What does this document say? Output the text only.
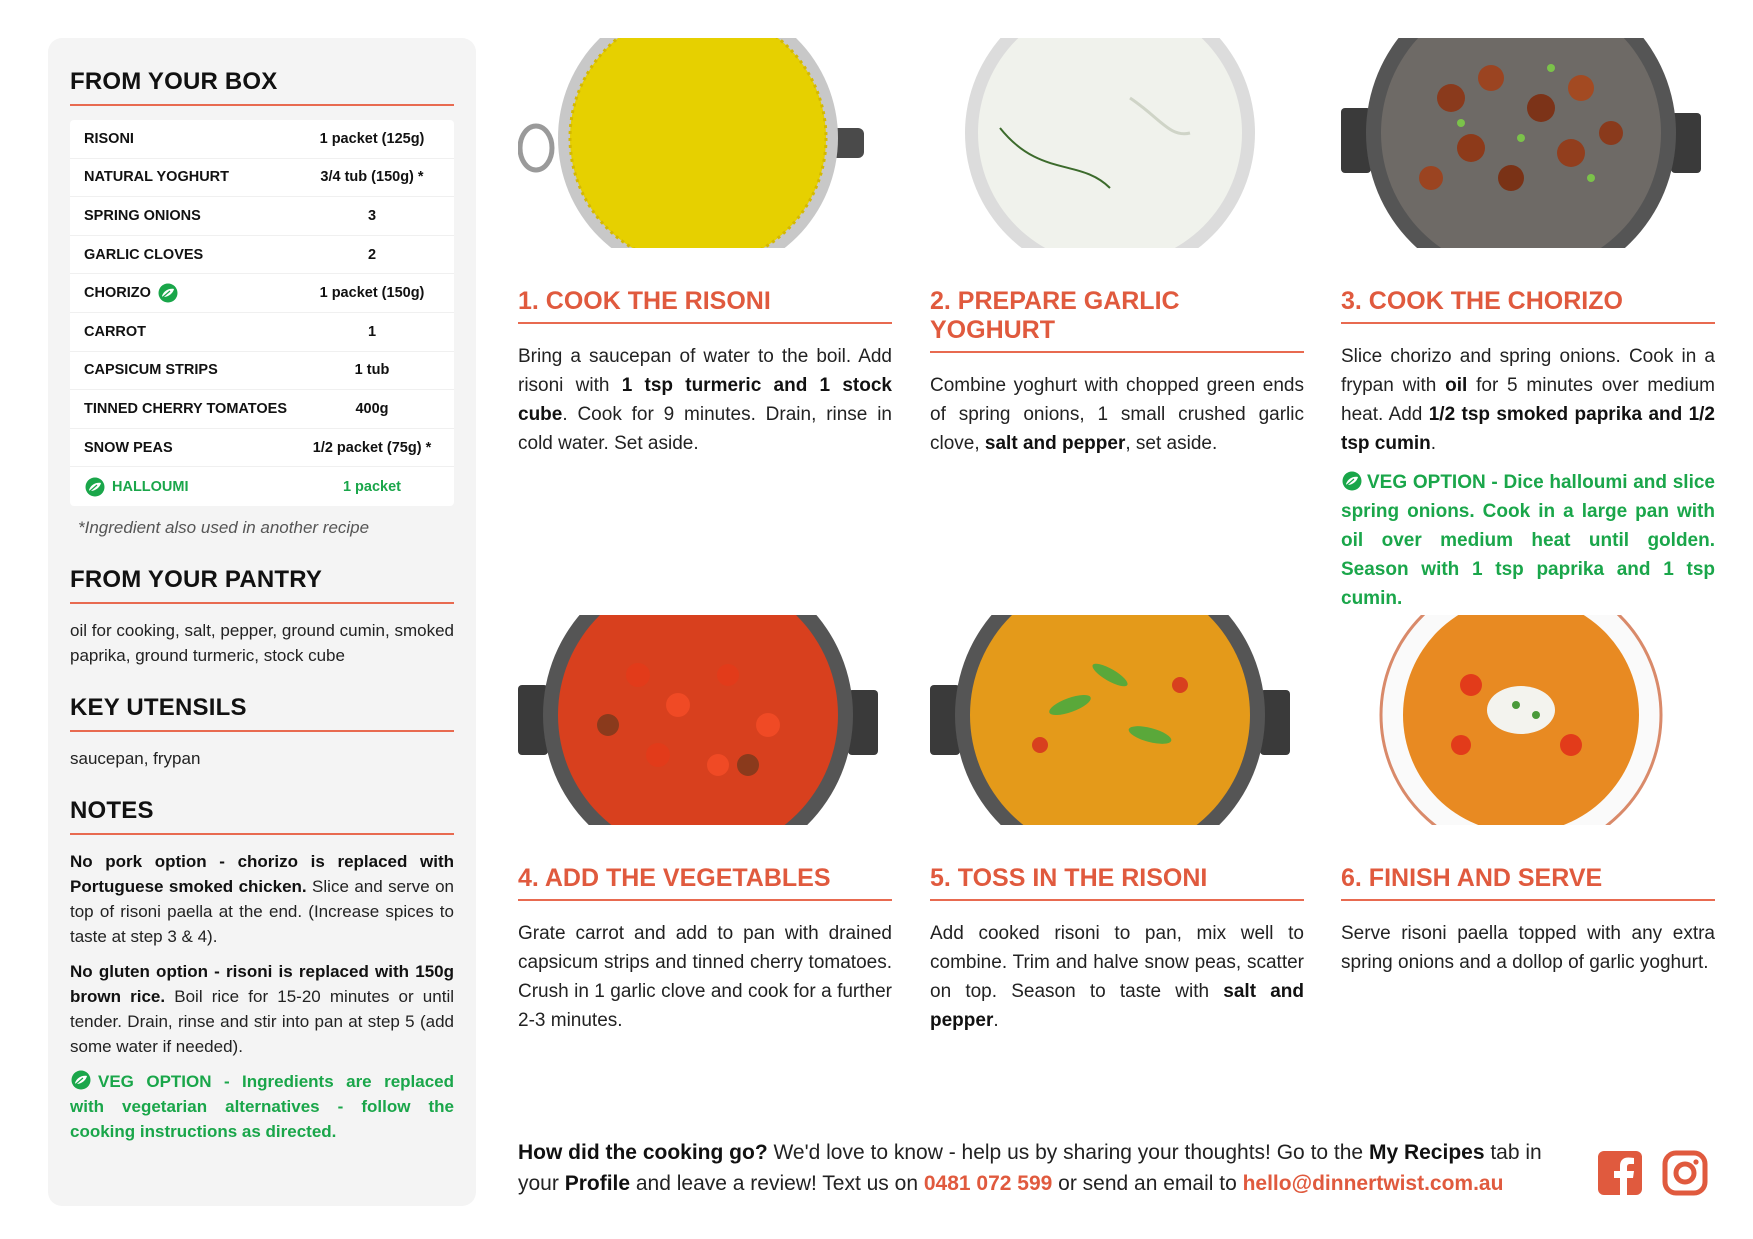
FROM YOUR BOX
RISONI	1 packet (125g)
NATURAL YOGHURT	3/4 tub (150g) *
SPRING ONIONS	3
GARLIC CLOVES	2
CHORIZO	1 packet (150g)
CARROT	1
CAPSICUM STRIPS	1 tub
TINNED CHERRY TOMATOES	400g
SNOW PEAS	1/2 packet (75g) *
HALLOUMI	1 packet
*Ingredient also used in another recipe
FROM YOUR PANTRY
oil for cooking, salt, pepper, ground cumin, smoked paprika, ground turmeric, stock cube
KEY UTENSILS
saucepan, frypan
NOTES

No pork option - chorizo is replaced with Portuguese smoked chicken. Slice and serve on top of risoni paella at the end. (Increase spices to taste at step 3 & 4).

No gluten option - risoni is replaced with 150g brown rice. Boil rice for 15-20 minutes or until tender. Drain, rinse and stir into pan at step 5 (add some water if needed).

VEG OPTION - Ingredients are replaced with vegetarian alternatives - follow the cooking instructions as directed.

1. COOK THE RISONI

Bring a saucepan of water to the boil. Add risoni with 1 tsp turmeric and 1 stock cube. Cook for 9 minutes. Drain, rinse in cold water. Set aside.

2. PREPARE GARLIC YOGHURT

Combine yoghurt with chopped green ends of spring onions, 1 small crushed garlic clove, salt and pepper, set aside.

3. COOK THE CHORIZO

Slice chorizo and spring onions. Cook in a frypan with oil for 5 minutes over medium heat. Add 1/2 tsp smoked paprika and 1/2 tsp cumin.

VEG OPTION - Dice halloumi and slice spring onions. Cook in a large pan with oil over medium heat until golden. Season with 1 tsp paprika and 1 tsp cumin.

4. ADD THE VEGETABLES

Grate carrot and add to pan with drained capsicum strips and tinned cherry tomatoes. Crush in 1 garlic clove and cook for a further 2-3 minutes.

5. TOSS IN THE RISONI

Add cooked risoni to pan, mix well to combine. Trim and halve snow peas, scatter on top. Season to taste with salt and pepper.

6. FINISH AND SERVE

Serve risoni paella topped with any extra spring onions and a dollop of garlic yoghurt.

How did the cooking go? We'd love to know - help us by sharing your thoughts! Go to the My Recipes tab in your Profile and leave a review! Text us on 0481 072 599 or send an email to hello@dinnertwist.com.au
